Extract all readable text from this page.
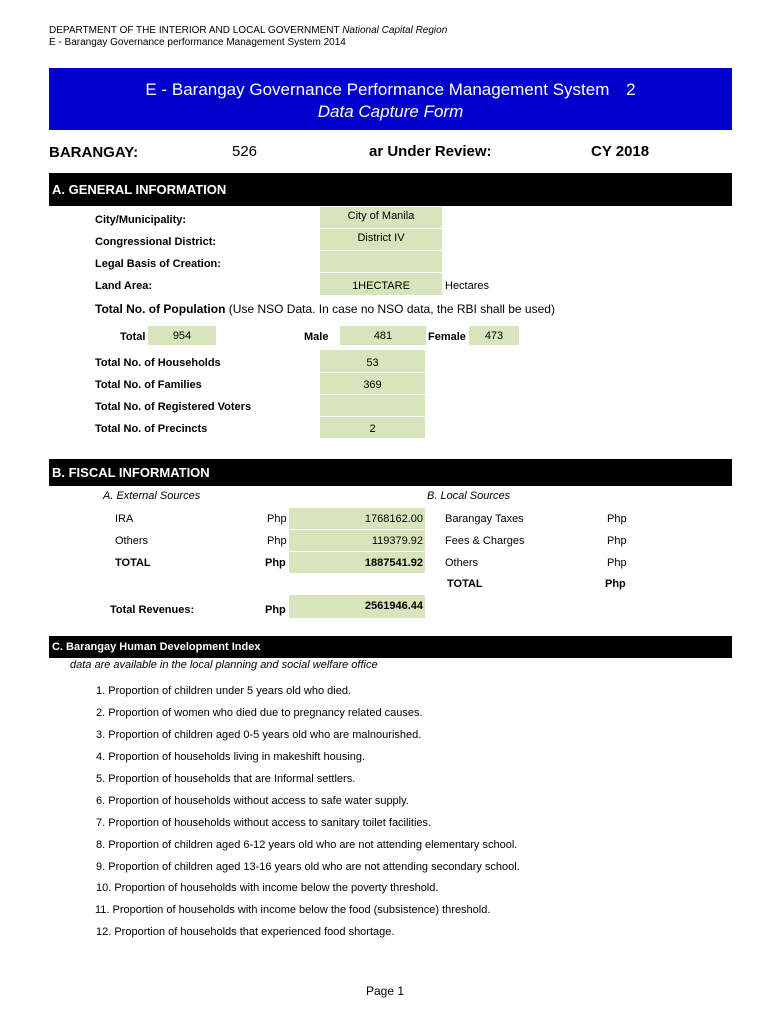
DEPARTMENT OF THE INTERIOR AND LOCAL GOVERNMENT National Capital Region
E - Barangay Governance performance Management System 2014
E - Barangay Governance Performance Management System 2
Data Capture Form
BARANGAY:	526	ar Under Review:	CY 2018
A. GENERAL INFORMATION
City/Municipality:	City of Manila
Congressional District:	District IV
Legal Basis of Creation:
Land Area:	1HECTARE	Hectares
Total No. of Population (Use NSO Data. In case no NSO data, the RBI shall be used)
Total	954	Male	481	Female	473
Total No. of Households	53
Total No. of Families	369
Total No. of Registered Voters
Total No. of Precincts	2
B. FISCAL INFORMATION
A. External Sources	B. Local Sources
IRA	Php	1768162.00
Others	Php	119379.92
TOTAL	Php	1887541.92
Barangay Taxes	Php
Fees & Charges	Php
Others	Php
TOTAL	Php
Total Revenues:	Php	2561946.44
C. Barangay Human Development Index
data are available in the local planning and social welfare office
1. Proportion of children under 5 years old who died.
2. Proportion of women who died due to pregnancy related causes.
3. Proportion of children aged 0-5 years old who are malnourished.
4. Proportion of households living in makeshift housing.
5. Proportion of households that are Informal settlers.
6. Proportion of households without access to safe water supply.
7. Proportion of households without access to sanitary toilet facilities.
8. Proportion of children aged 6-12 years old who are not attending elementary school.
9. Proportion of children aged 13-16 years old who are not attending secondary school.
10. Proportion of households with income below the poverty threshold.
11. Proportion of households with income below the food (subsistence) threshold.
12. Proportion of households that experienced food shortage.
Page 1
